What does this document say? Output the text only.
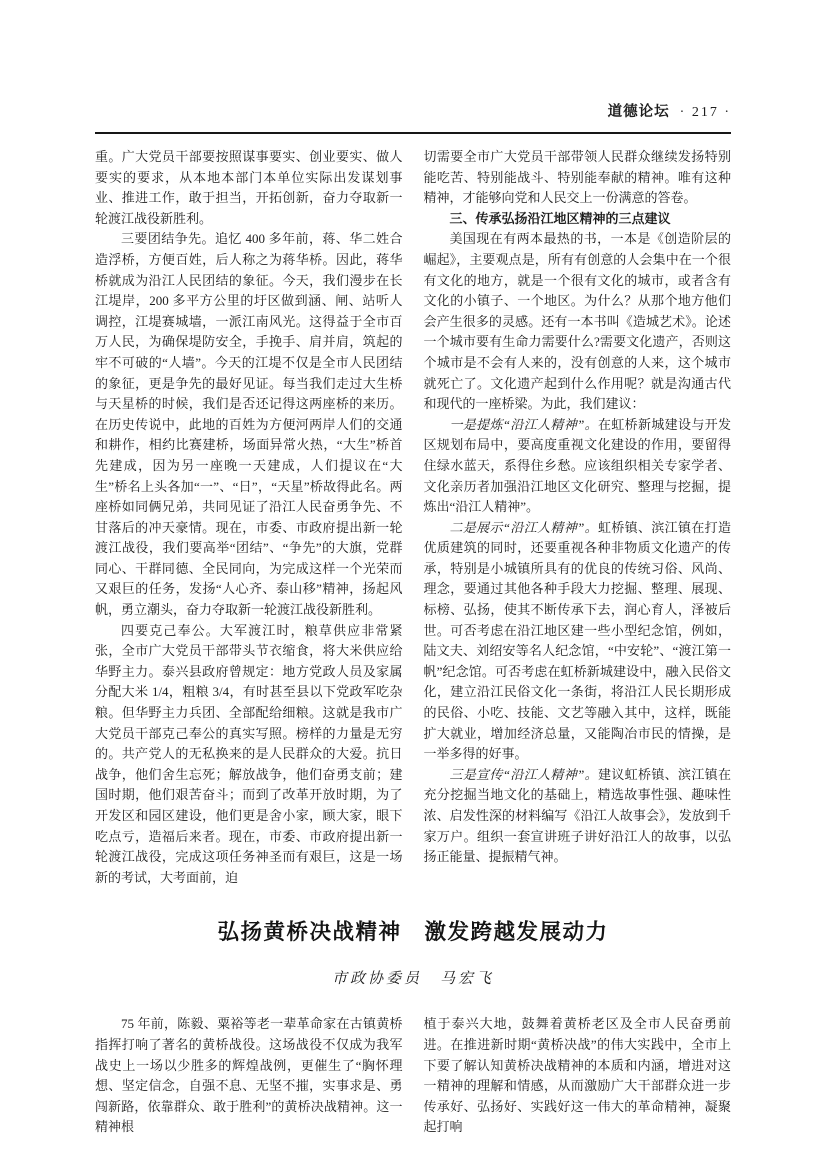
道德论坛 · 217 ·

重。广大党员干部要按照谋事要实、创业要实、做人要实的要求，从本地本部门本单位实际出发谋划事业、推进工作，敢于担当，开拓创新，奋力夺取新一轮渡江战役新胜利。

三要团结争先。追忆 400 多年前，蒋、华二姓合造浮桥，方便百姓，后人称之为蒋华桥。因此，蒋华桥就成为沿江人民团结的象征。今天，我们漫步在长江堤岸，200 多平方公里的圩区做到涵、闸、站听人调控，江堤赛城墙，一派江南风光。这得益于全市百万人民，为确保堤防安全，手挽手、肩并肩，筑起的牢不可破的“人墙”。今天的江堤不仅是全市人民团结的象征，更是争先的最好见证。每当我们走过大生桥与天星桥的时候，我们是否还记得这两座桥的来历。在历史传说中，此地的百姓为方便河两岸人们的交通和耕作，相约比赛建桥，场面异常火热，“大生”桥首先建成，因为另一座晚一天建成，人们提议在“大生”桥名上头各加“一”、“日”，“天星”桥故得此名。两座桥如同俩兄弟，共同见证了沿江人民奋勇争先、不甘落后的冲天豪情。现在，市委、市政府提出新一轮渡江战役，我们要高举“团结”、“争先”的大旗，党群同心、干群同德、全民同向，为完成这样一个光荣而又艰巨的任务，发扬“人心齐、泰山移”精神，扬起风帆，勇立潮头，奋力夺取新一轮渡江战役新胜利。

四要克己奉公。大军渡江时，粮草供应非常紧张，全市广大党员干部带头节衣缩食，将大米供应给华野主力。泰兴县政府曾规定：地方党政人员及家属分配大米 1/4，粗粮 3/4，有时甚至县以下党政军吃杂粮。但华野主力兵团、全部配给细粮。这就是我市广大党员干部克己奉公的真实写照。榜样的力量是无穷的。共产党人的无私换来的是人民群众的大爱。抗日战争，他们舍生忘死；解放战争，他们奋勇支前；建国时期，他们艰苦奋斗；而到了改革开放时期，为了开发区和园区建设，他们更是舍小家，顾大家，眼下吃点亏，造福后来者。现在，市委、市政府提出新一轮渡江战役，完成这项任务神圣而有艰巨，这是一场新的考试，大考面前，迫

切需要全市广大党员干部带领人民群众继续发扬特别能吃苦、特别能战斗、特别能奉献的精神。唯有这种精神，才能够向党和人民交上一份满意的答卷。

三、传承弘扬沿江地区精神的三点建议

美国现在有两本最热的书，一本是《创造阶层的崛起》，主要观点是，所有有创意的人会集中在一个很有文化的地方，就是一个很有文化的城市，或者含有文化的小镇子、一个地区。为什么？从那个地方他们会产生很多的灵感。还有一本书叫《造城艺术》。论述一个城市要有生命力需要什么?需要文化遗产，否则这个城市是不会有人来的，没有创意的人来，这个城市就死亡了。文化遗产起到什么作用呢？就是沟通古代和现代的一座桥梁。为此，我们建议：

一是提炼“沿江人精神”。在虹桥新城建设与开发区规划布局中，要高度重视文化建设的作用，要留得住绿水蓝天，系得住乡愁。应该组织相关专家学者、文化亲历者加强沿江地区文化研究、整理与挖掘，提炼出“沿江人精神”。

二是展示“沿江人精神”。虹桥镇、滨江镇在打造优质建筑的同时，还要重视各种非物质文化遗产的传承，特别是小城镇所具有的优良的传统习俗、风尚、理念，要通过其他各种手段大力挖掘、整理、展现、标榜、弘扬，使其不断传承下去，润心育人，泽被后世。可否考虑在沿江地区建一些小型纪念馆，例如，陆文夫、刘绍安等名人纪念馆，“中安轮”、“渡江第一帆”纪念馆。可否考虑在虹桥新城建设中，融入民俗文化，建立沿江民俗文化一条街，将沿江人民长期形成的民俗、小吃、技能、文艺等融入其中，这样，既能扩大就业，增加经济总量，又能陶冶市民的情操，是一举多得的好事。

三是宣传“沿江人精神”。建议虹桥镇、滨江镇在充分挖掘当地文化的基础上，精选故事性强、趣味性浓、启发性深的材料编写《沿江人故事会》，发放到千家万户。组织一套宣讲班子讲好沿江人的故事，以弘扬正能量、提振精气神。

弘扬黄桥决战精神　激发跨越发展动力
市政协委员　马宏飞

75 年前，陈毅、粟裕等老一辈革命家在古镇黄桥指挥打响了著名的黄桥战役。这场战役不仅成为我军战史上一场以少胜多的辉煌战例，更催生了“胸怀理想、坚定信念，自强不息、无坚不摧，实事求是、勇闯新路，依靠群众、敢于胜利”的黄桥决战精神。这一精神根

植于泰兴大地，鼓舞着黄桥老区及全市人民奋勇前进。在推进新时期“黄桥决战”的伟大实践中，全市上下要了解认知黄桥决战精神的本质和内涵，增进对这一精神的理解和情感，从而激励广大干部群众进一步传承好、弘扬好、实践好这一伟大的革命精神，凝聚起打响
